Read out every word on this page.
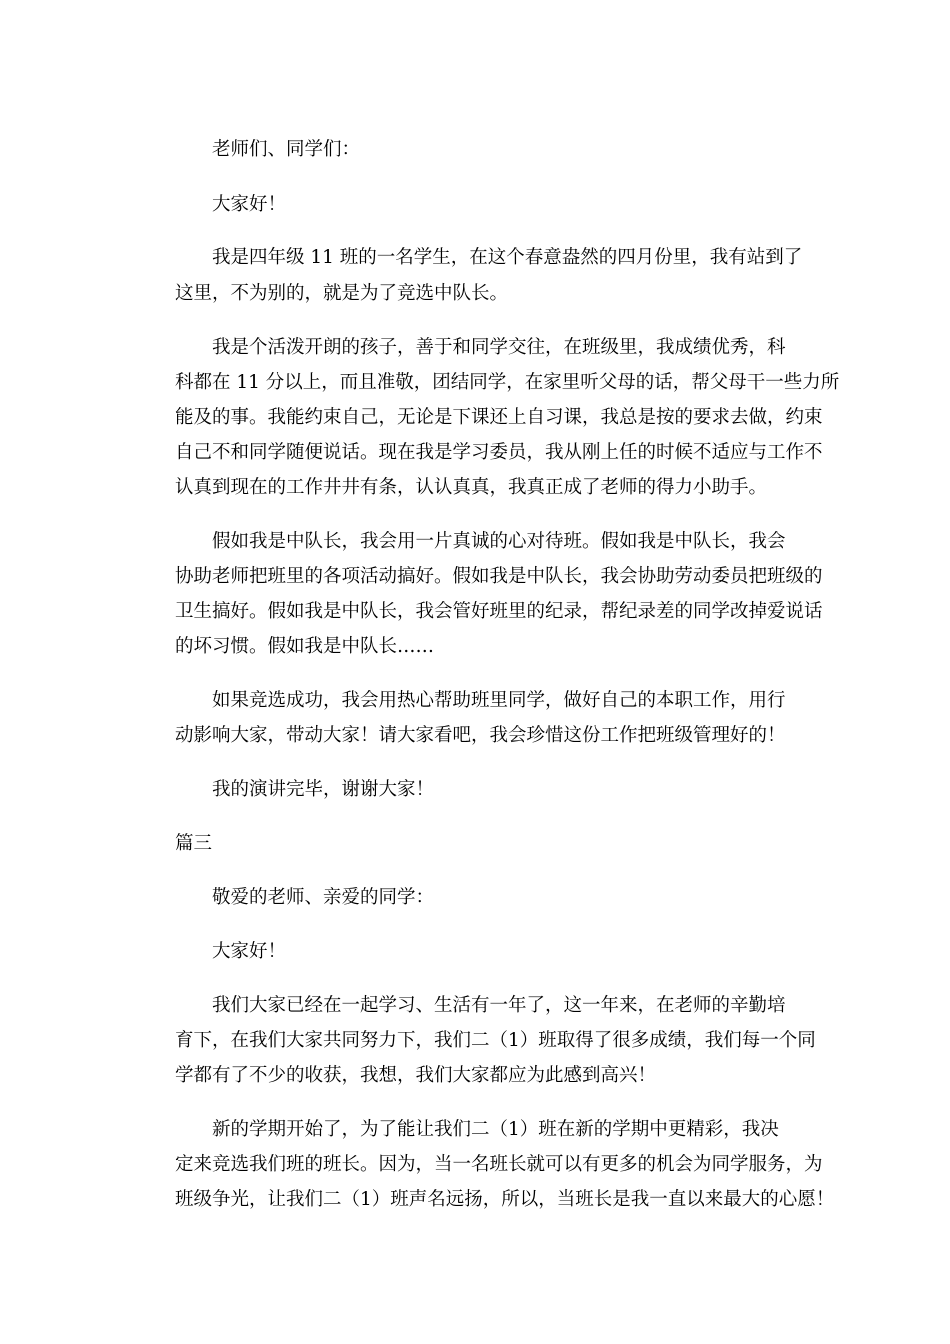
老师们、同学们：
大家好！
我是四年级 11 班的一名学生，在这个春意盎然的四月份里，我有站到了
这里，不为别的，就是为了竞选中队长。
我是个活泼开朗的孩子，善于和同学交往，在班级里，我成绩优秀，科
科都在 11 分以上，而且准敬，团结同学，在家里听父母的话，帮父母干一些力所
能及的事。我能约束自己，无论是下课还上自习课，我总是按的要求去做，约束
自己不和同学随便说话。现在我是学习委员，我从刚上任的时候不适应与工作不
认真到现在的工作井井有条，认认真真，我真正成了老师的得力小助手。
假如我是中队长，我会用一片真诚的心对待班。假如我是中队长，我会
协助老师把班里的各项活动搞好。假如我是中队长，我会协助劳动委员把班级的
卫生搞好。假如我是中队长，我会管好班里的纪录，帮纪录差的同学改掉爱说话
的坏习惯。假如我是中队长……
如果竞选成功，我会用热心帮助班里同学，做好自己的本职工作，用行
动影响大家，带动大家！请大家看吧，我会珍惜这份工作把班级管理好的！
我的演讲完毕，谢谢大家！
篇三
敬爱的老师、亲爱的同学：
大家好！
我们大家已经在一起学习、生活有一年了，这一年来，在老师的辛勤培
育下，在我们大家共同努力下，我们二（1）班取得了很多成绩，我们每一个同
学都有了不少的收获，我想，我们大家都应为此感到高兴！
新的学期开始了，为了能让我们二（1）班在新的学期中更精彩，我决
定来竞选我们班的班长。因为，当一名班长就可以有更多的机会为同学服务，为
班级争光，让我们二（1）班声名远扬，所以，当班长是我一直以来最大的心愿！
